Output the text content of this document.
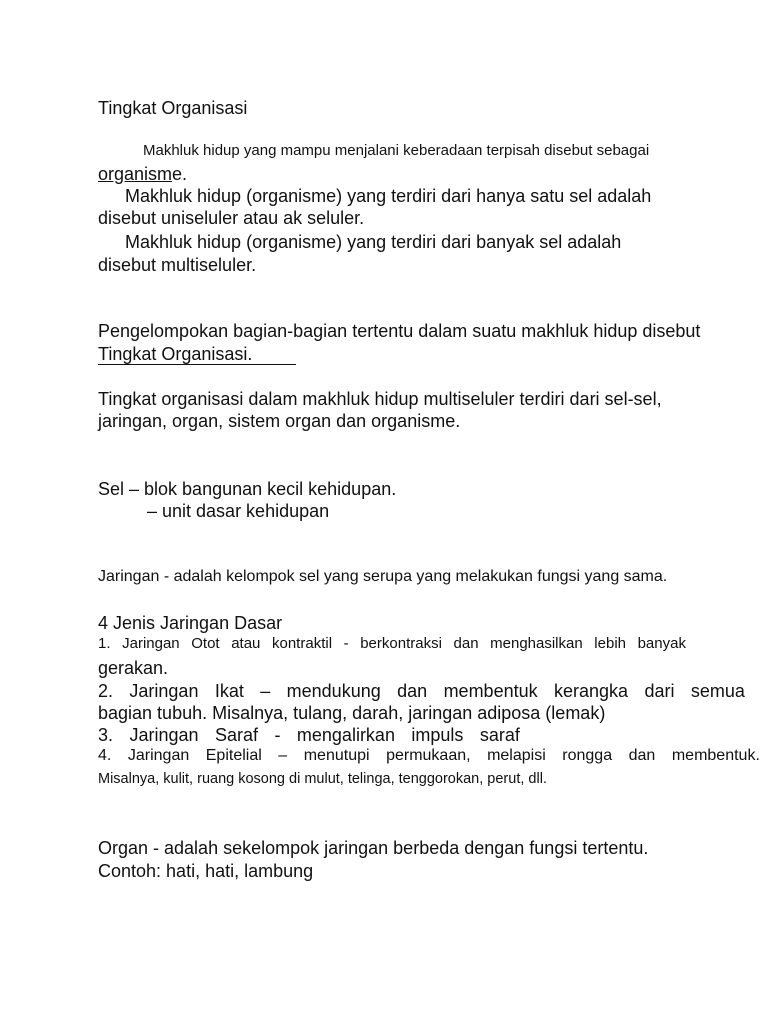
Tingkat Organisasi
Makhluk hidup yang mampu menjalani keberadaan terpisah disebut sebagai
organisme.
Makhluk hidup (organisme) yang terdiri dari hanya satu sel adalah
disebut uniseluler atau ak seluler.
Makhluk hidup (organisme) yang terdiri dari banyak sel adalah
disebut multiseluler.
Pengelompokan bagian-bagian tertentu dalam suatu makhluk hidup disebut
Tingkat Organisasi.
Tingkat organisasi dalam makhluk hidup multiseluler terdiri dari sel-sel,
jaringan, organ, sistem organ dan organisme.
Sel – blok bangunan kecil kehidupan.
– unit dasar kehidupan
Jaringan - adalah kelompok sel yang serupa yang melakukan fungsi yang sama.
4 Jenis Jaringan Dasar
1. Jaringan Otot atau kontraktil - berkontraksi dan menghasilkan lebih banyak
gerakan.
2. Jaringan Ikat – mendukung dan membentuk kerangka dari semua
bagian tubuh. Misalnya, tulang, darah, jaringan adiposa (lemak)
3. Jaringan Saraf - mengalirkan impuls saraf
4. Jaringan Epitelial – menutupi permukaan, melapisi rongga dan membentuk.
Misalnya, kulit, ruang kosong di mulut, telinga, tenggorokan, perut, dll.
Organ - adalah sekelompok jaringan berbeda dengan fungsi tertentu.
Contoh: hati, hati, lambung
